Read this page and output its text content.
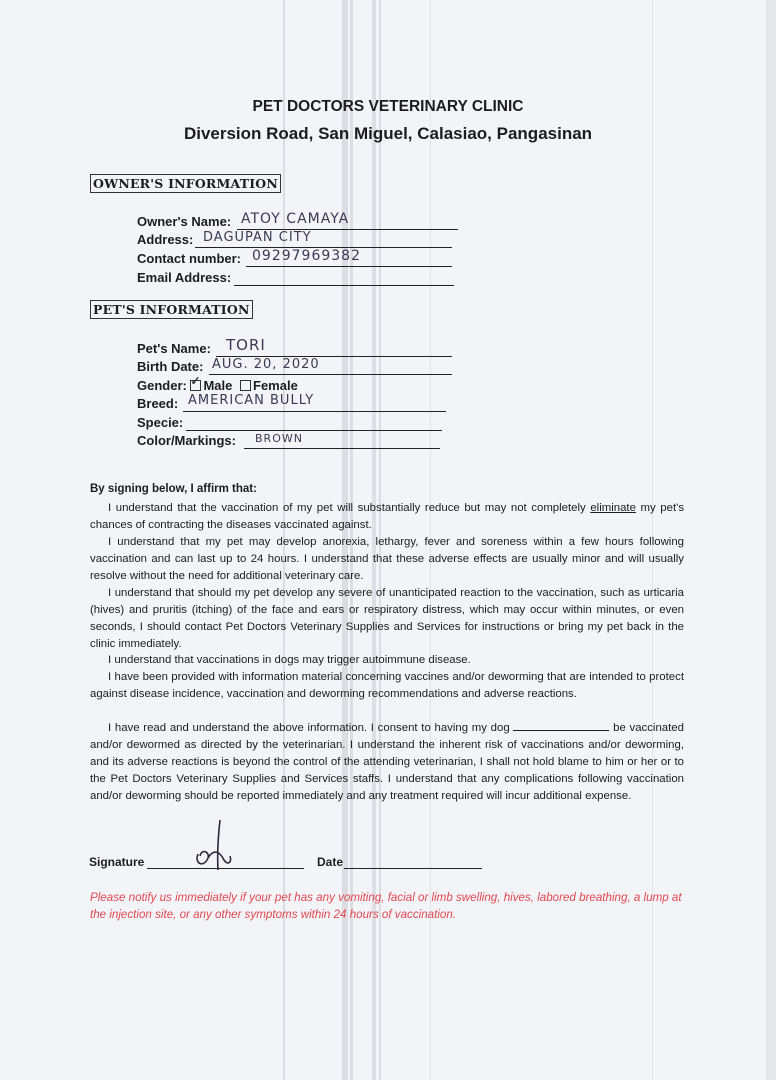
PET DOCTORS VETERINARY CLINIC
Diversion Road, San Miguel, Calasiao, Pangasinan
OWNER'S INFORMATION
Owner's Name: ATOY CAMAYA
Address: DAGUPAN CITY
Contact number: 09297969382
Email Address:
PET'S INFORMATION
Pet's Name: TORI
Birth Date: AUG. 20, 2020
Gender: ✓ Male Female
Breed: AMERICAN BULLY
Specie:
Color/Markings: BROWN
By signing below, I affirm that:

I understand that the vaccination of my pet will substantially reduce but may not completely eliminate my pet's chances of contracting the diseases vaccinated against.

I understand that my pet may develop anorexia, lethargy, fever and soreness within a few hours following vaccination and can last up to 24 hours. I understand that these adverse effects are usually minor and will usually resolve without the need for additional veterinary care.

I understand that should my pet develop any severe of unanticipated reaction to the vaccination, such as urticaria (hives) and pruritis (itching) of the face and ears or respiratory distress, which may occur within minutes, or even seconds, I should contact Pet Doctors Veterinary Supplies and Services for instructions or bring my pet back in the clinic immediately.

I understand that vaccinations in dogs may trigger autoimmune disease.

I have been provided with information material concerning vaccines and/or deworming that are intended to protect against disease incidence, vaccination and deworming recommendations and adverse reactions.

I have read and understand the above information. I consent to having my dog	be vaccinated and/or dewormed as directed by the veterinarian. I understand the inherent risk of vaccinations and/or deworming, and its adverse reactions is beyond the control of the attending veterinarian, I shall not hold blame to him or her or to the Pet Doctors Veterinary Supplies and Services staffs. I understand that any complications following vaccination and/or deworming should be reported immediately and any treatment required will incur additional expense.

Signature	Date

Please notify us immediately if your pet has any vomiting, facial or limb swelling, hives, labored breathing, a lump at the injection site, or any other symptoms within 24 hours of vaccination.
